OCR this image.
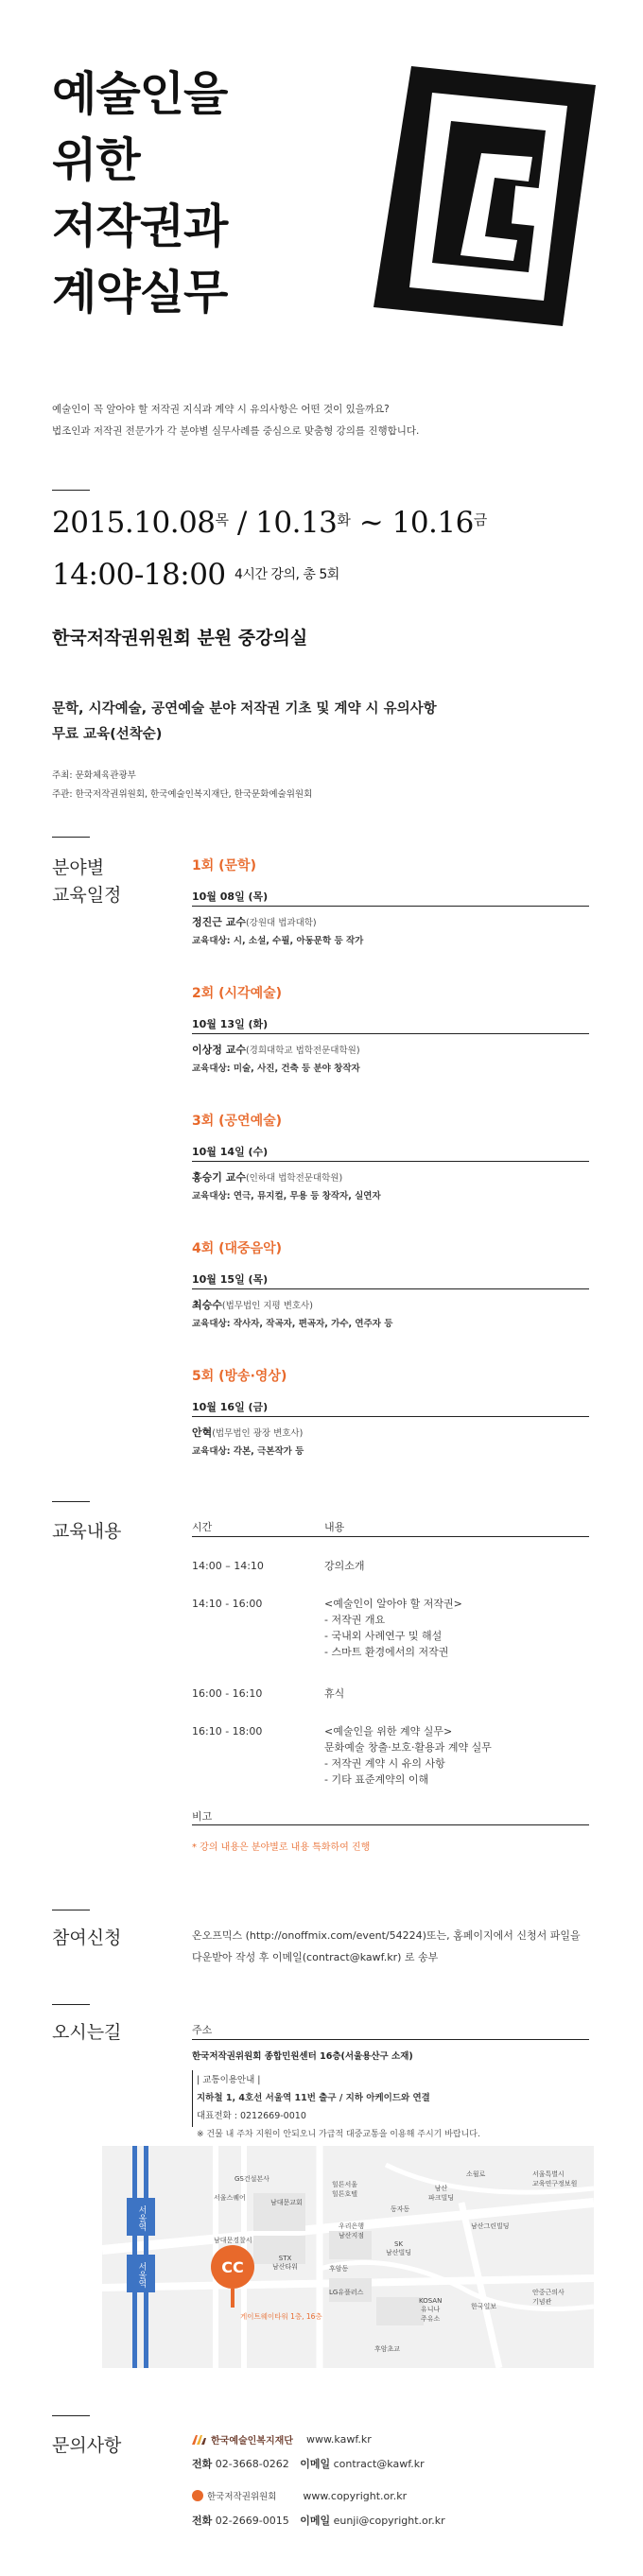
예술인을
위한
저작권과
계약실무
예술인이 꼭 알아야 할 저작권 지식과 계약 시 유의사항은 어떤 것이 있을까요?
법조인과 저작권 전문가가 각 분야별 실무사례를 중심으로 맞춤형 강의를 진행합니다.
$2015.10.08^목 / 10.13^화$ ~ $10.16^금$
14:00-18:00 4시간 강의, 총 5회
한국저작권위원회 분원 중강의실
문학, 시각예술, 공연예술 분야 저작권 기초 및 계약 시 유의사항
무료 교육(선착순)
주최: 문화체육관광부
주관: 한국저작권위원회, 한국예술인복지재단, 한국문화예술위원회
분야별
교육일정
1회 (문학)
10월 08일 (목)
정진근 교수(강원대 법과대학)
교육대상: 시, 소설, 수필, 아동문학 등 작가
2회 (시각예술)
10월 13일 (화)
이상정 교수(경희대학교 법학전문대학원)
교육대상: 미술, 사진, 건축 등 분야 창작자
3회 (공연예술)
10월 14일 (수)
홍승기 교수(인하대 법학전문대학원)
교육대상: 연극, 뮤지컬, 무용 등 창작자, 실연자
4회 (대중음악)
10월 15일 (목)
최승수(법무법인 지평 변호사)
교육대상: 작사자, 작곡자, 편곡자, 가수, 연주자 등
5회 (방송·영상)
10월 16일 (금)
안혁(법무법인 광장 변호사)
교육대상: 각본, 극본작가 등
교육내용	시간	내용
14:00 – 14:10	강의소개
14:10 - 16:00	<예술인이 알아야 할 저작권>
- 저작권 개요
- 국내외 사례연구 및 해설
- 스마트 환경에서의 저작권
16:00 - 16:10	휴식
16:10 - 18:00	<예술인을 위한 계약 실무>
문화예술 창출·보호·활용과 계약 실무
- 저작권 계약 시 유의 사항
- 기타 표준계약의 이해
비고
* 강의 내용은 분야별로 내용 특화하여 진행
참여신청	온오프믹스 (http://onoffmix.com/event/54224)또는, 홈페이지에서 신청서 파일을
다운받아 작성 후 이메일(contract@kawf.kr) 로 송부
오시는길	주소
한국저작권위원회 종합민원센터 16층(서울용산구 소재)
| 교통이용안내 |
지하철 1, 4호선 서울역 11번 출구 / 지하 아케이드와 연결
대표전화 : 0212669-0010
※ 건물 내 주차 지원이 안되오니 가급적 대중교통을 이용해 주시기 바랍니다.
서울역
서울역
GS건설본사
서울스퀘어
남대문교회
남대문경찰서
STX
남산타워
힐튼서울
힐튼호텔
후암동
우리은행
남산지점
LG유플러스
동자동
SK
남산빌딩
남산
파크빌딩
KOSAN
유니나
주유소
소월로	서울특별시
교육연구정보원
남산그린빌딩
안중근의사
기념관
한국일보
후암초교
CC
게이트웨이타워 1층, 16층
문의사항	한국예술인복지재단 www.kawf.kr
전화 02-3668-0262 이메일 contract@kawf.kr
한국저작권위원회	www.copyright.or.kr
전화 02-2669-0015 이메일 eunji@copyright.or.kr
